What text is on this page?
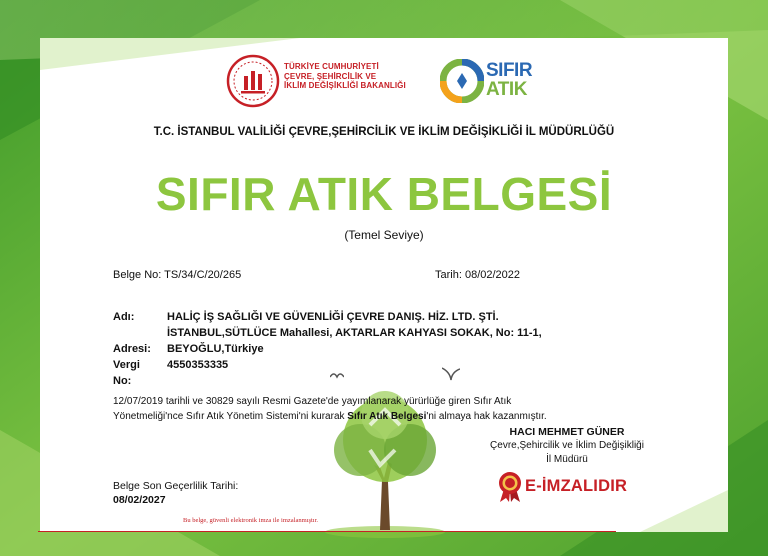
TÜRKİYE CUMHURİYETİ
ÇEVRE, ŞEHİRCİLİK VE
İKLİM DEĞİŞİKLİĞİ BAKANLIĞI
SIFIR
ATIK
T.C. İSTANBUL VALİLİĞİ ÇEVRE,ŞEHİRCİLİK VE İKLİM DEĞİŞİKLİĞİ İL MÜDÜRLÜĞÜ
SIFIR ATIK BELGESİ
(Temel Seviye)
Belge No: TS/34/C/20/265	Tarih: 08/02/2022
Adı:	HALİÇ İŞ SAĞLIĞI VE GÜVENLİĞİ ÇEVRE DANIŞ. HİZ. LTD. ŞTİ.
İSTANBUL,SÜTLÜCE Mahallesi, AKTARLAR KAHYASI SOKAK, No: 11-1,
Adresi: BEYOĞLU,Türkiye
Vergi No:
4550353335
12/07/2019 tarihli ve 30829 sayılı Resmi Gazete'de yayımlanarak yürürlüğe giren Sıfır Atık
Yönetmeliği'nce Sıfır Atık Yönetim Sistemi'ni kurarak Sıfır Atık Belgesi'ni almaya hak kazanmıştır.
HACI MEHMET GÜNER
Çevre,Şehircilik ve İklim Değişikliği
İl Müdürü
Belge Son Geçerlilik Tarihi:
08/02/2027
E-İMZALIDIR
Bu belge, güvenli elektronik imza ile imzalanmıştır.
